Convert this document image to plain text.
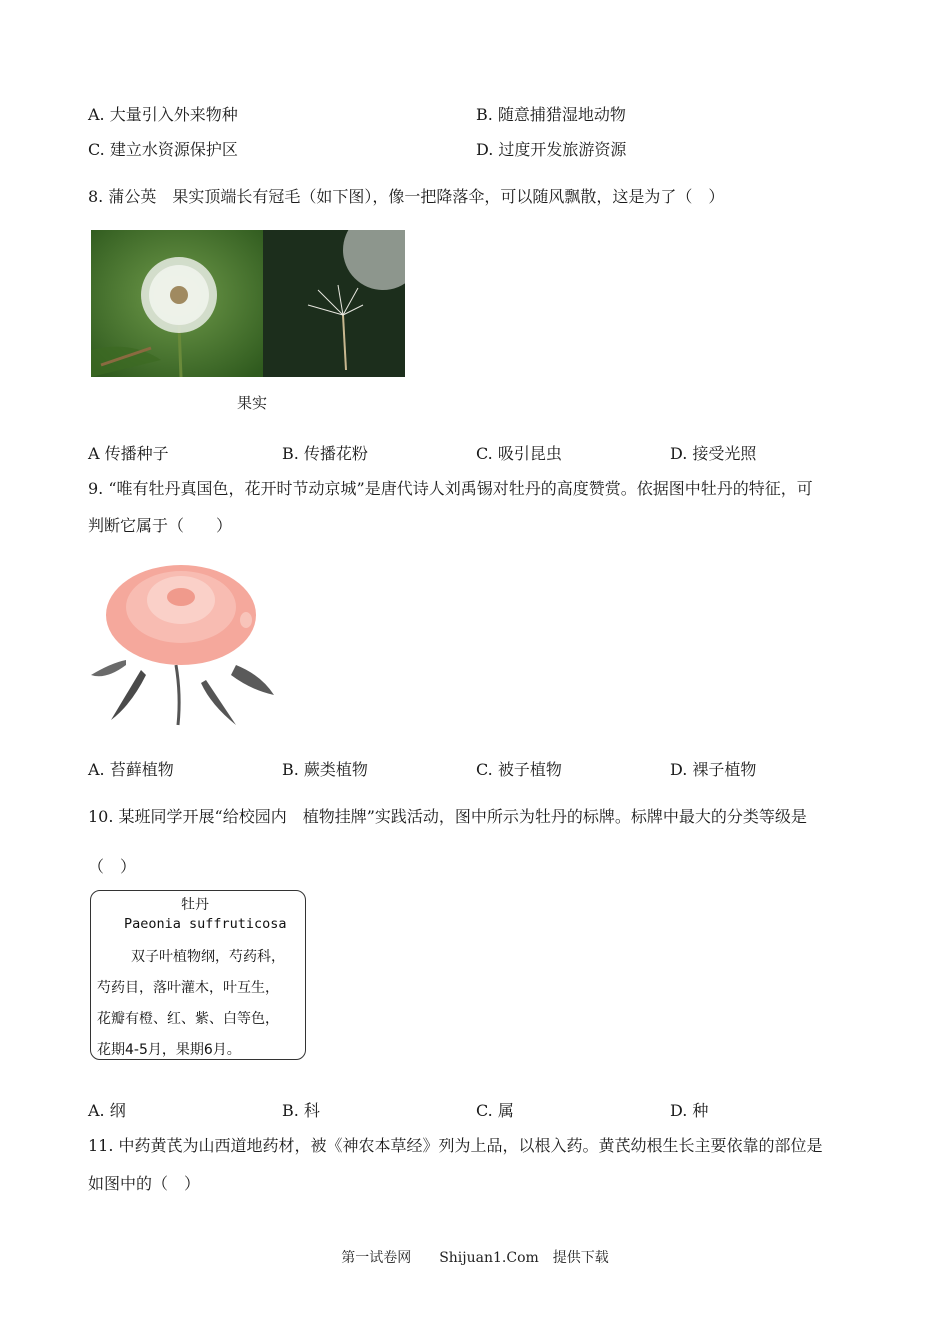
A. 大量引入外来物种	B. 随意捕猎湿地动物
C. 建立水资源保护区	D. 过度开发旅游资源
8. 蒲公英　果实顶端长有冠毛（如下图），像一把降落伞，可以随风飘散，这是为了（　）
果实
A 传播种子	B. 传播花粉	C. 吸引昆虫	D. 接受光照
9. “唯有牡丹真国色，花开时节动京城”是唐代诗人刘禹锡对牡丹的高度赞赏。依据图中牡丹的特征，可
判断它属于（　　）
A. 苔藓植物	B. 蕨类植物	C. 被子植物	D. 裸子植物
10. 某班同学开展“给校园内　植物挂牌”实践活动，图中所示为牡丹的标牌。标牌中最大的分类等级是
（　）
牡丹
Paeonia suffruticosa
双子叶植物纲，芍药科，
芍药目，落叶灌木，叶互生，
花瓣有橙、红、紫、白等色，
花期4-5月，果期6月。
A. 纲	B. 科	C. 属	D. 种
11. 中药黄芪为山西道地药材，被《神农本草经》列为上品，以根入药。黄芪幼根生长主要依靠的部位是
如图中的（　）
第一试卷网　　Shijuan1.Com　提供下载
